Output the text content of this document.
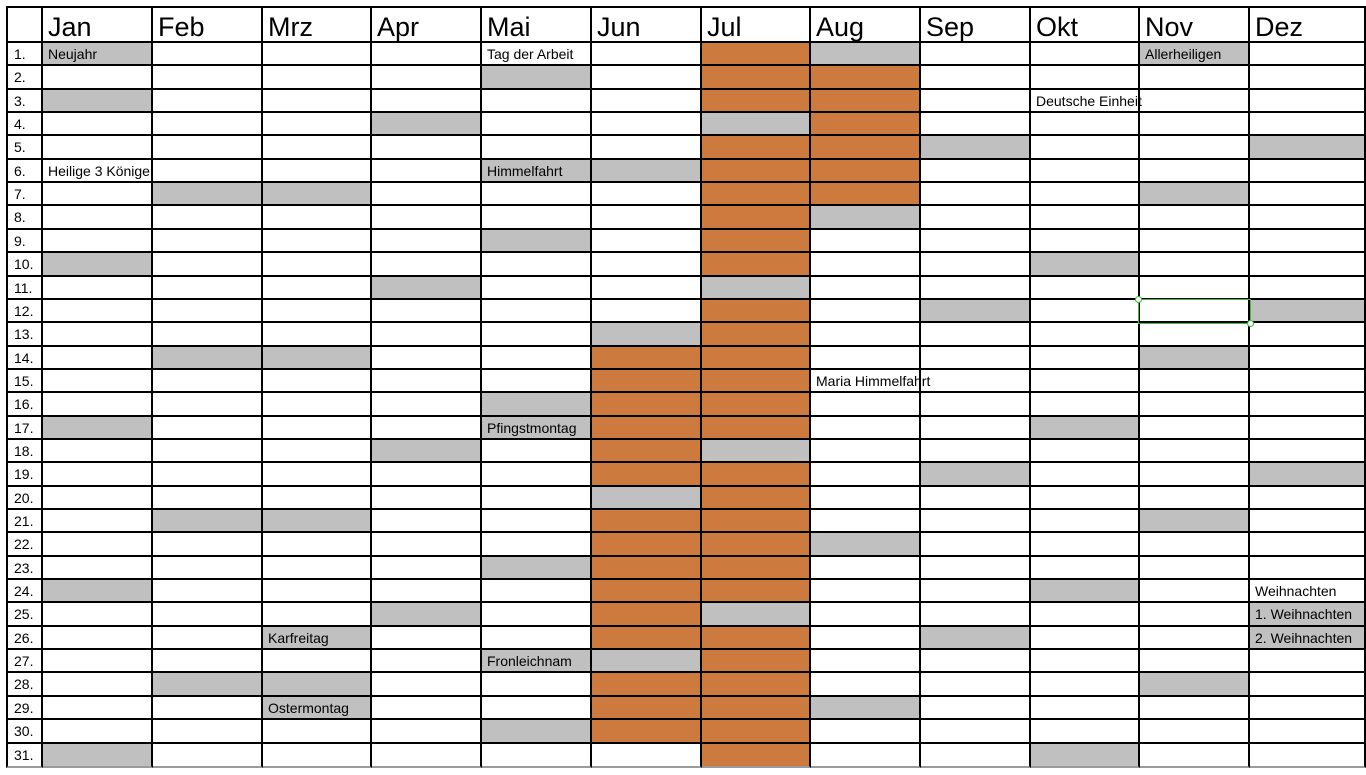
Jan Feb Mrz Apr	Mai Jun Jul	Aug Sep Okt Nov Dez
1.
2.
3.
4.
5.
6.
7.
8.
9.
10.
11.
12.
13.
14.
15.
16.
17.
18.
19.
20.
21.
22.
23.
24.
25.
26.
27.
28.
29.
30.
31.
Neujahr
Heilige 3 Könige
Karfreitag
Ostermontag
Tag der Arbeit
Himmelfahrt
Pfingstmontag
Fronleichnam
Maria Himmelfahrt
Deutsche Einheit
Allerheiligen
Weihnachten
1. Weihnachten
2. Weihnachten
